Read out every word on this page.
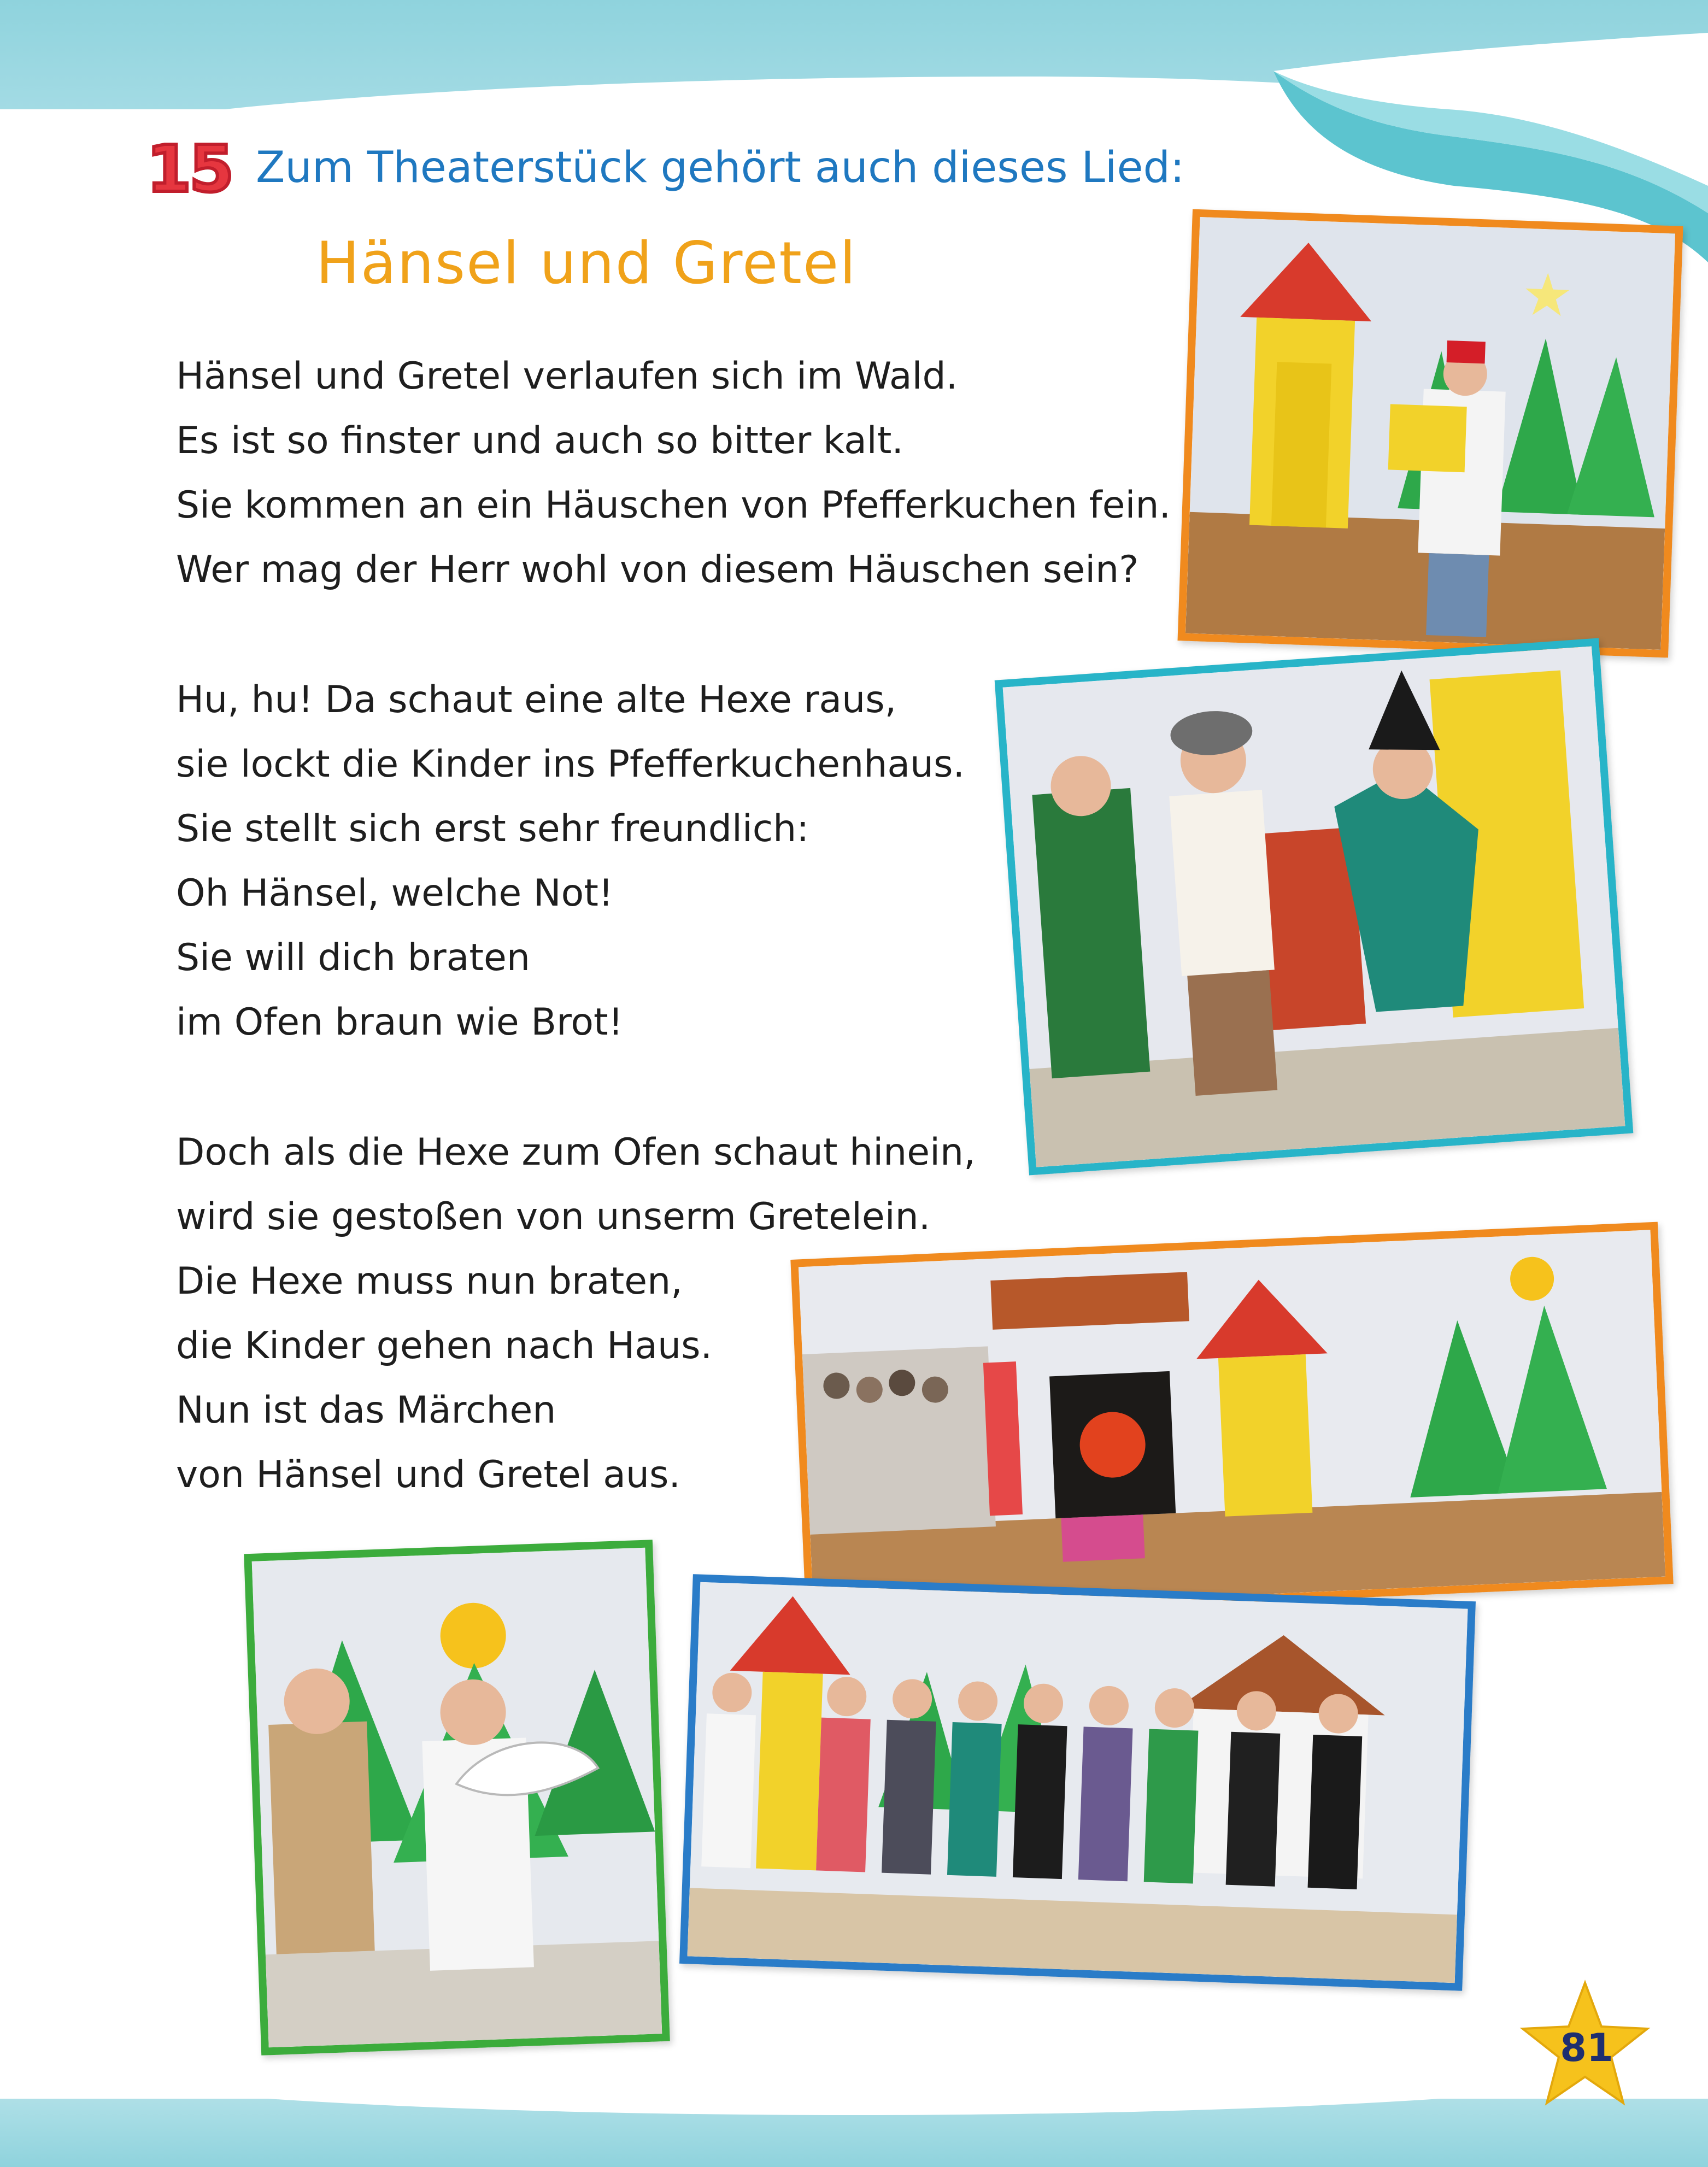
15 Zum Theaterstück gehört auch dieses Lied:
Hänsel und Gretel
Hänsel und Gretel verlaufen sich im Wald.
Es ist so finster und auch so bitter kalt.
Sie kommen an ein Häuschen von Pfefferkuchen fein.
Wer mag der Herr wohl von diesem Häuschen sein?
Hu, hu! Da schaut eine alte Hexe raus,
sie lockt die Kinder ins Pfefferkuchenhaus.
Sie stellt sich erst sehr freundlich:
Oh Hänsel, welche Not!
Sie will dich braten
im Ofen braun wie Brot!
Doch als die Hexe zum Ofen schaut hinein,
wird sie gestoßen von unserm Gretelein.
Die Hexe muss nun braten,
die Kinder gehen nach Haus.
Nun ist das Märchen
von Hänsel und Gretel aus.
81
